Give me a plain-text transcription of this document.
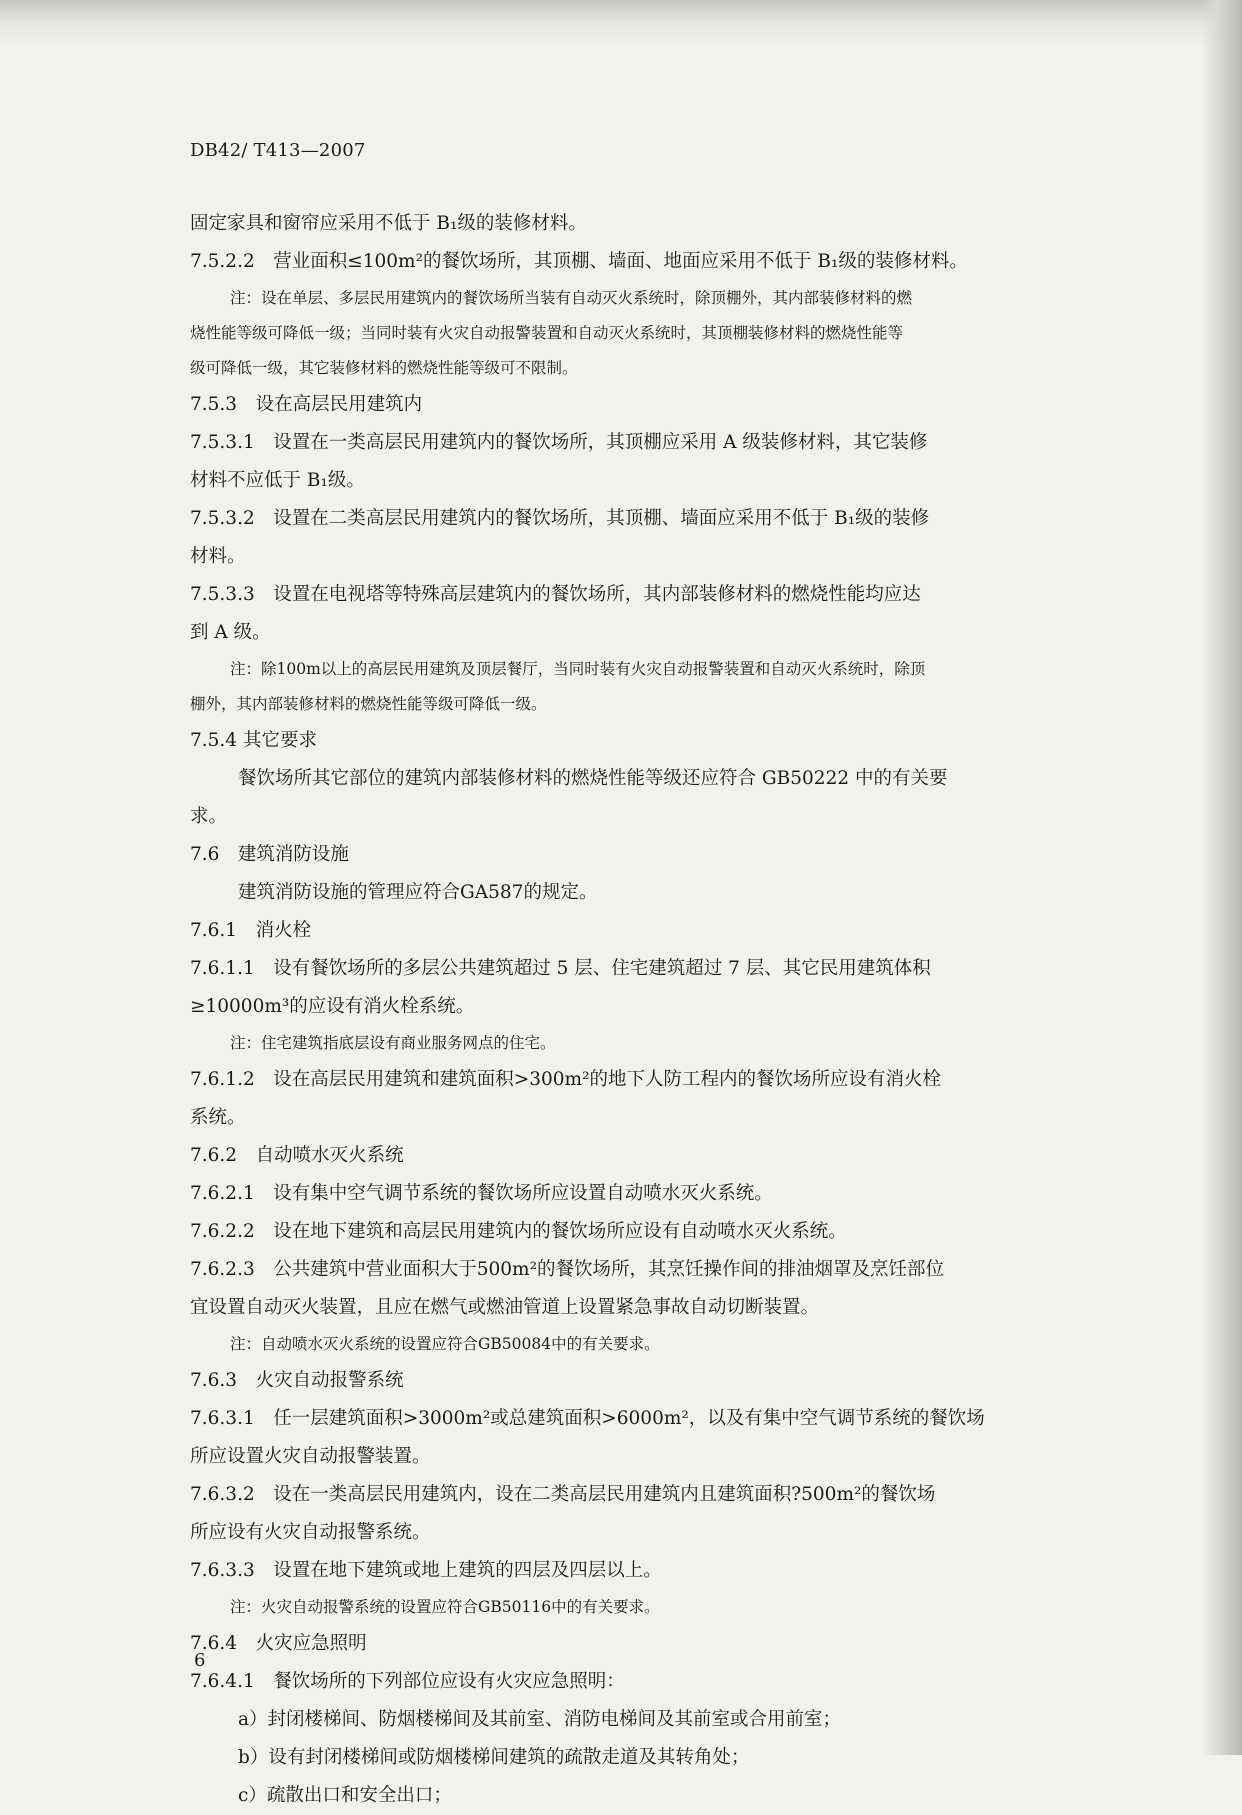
DB42/ T413—2007
固定家具和窗帘应采用不低于 B₁级的装修材料。
7.5.2.2　营业面积≤100m²的餐饮场所，其顶棚、墙面、地面应采用不低于 B₁级的装修材料。
注：设在单层、多层民用建筑内的餐饮场所当装有自动灭火系统时，除顶棚外，其内部装修材料的燃
烧性能等级可降低一级；当同时装有火灾自动报警装置和自动灭火系统时，其顶棚装修材料的燃烧性能等
级可降低一级，其它装修材料的燃烧性能等级可不限制。
7.5.3　设在高层民用建筑内
7.5.3.1　设置在一类高层民用建筑内的餐饮场所，其顶棚应采用 A 级装修材料，其它装修
材料不应低于 B₁级。
7.5.3.2　设置在二类高层民用建筑内的餐饮场所，其顶棚、墙面应采用不低于 B₁级的装修
材料。
7.5.3.3　设置在电视塔等特殊高层建筑内的餐饮场所，其内部装修材料的燃烧性能均应达
到 A 级。
注：除100m以上的高层民用建筑及顶层餐厅，当同时装有火灾自动报警装置和自动灭火系统时，除顶
棚外，其内部装修材料的燃烧性能等级可降低一级。
7.5.4 其它要求
餐饮场所其它部位的建筑内部装修材料的燃烧性能等级还应符合 GB50222 中的有关要
求。
7.6　建筑消防设施
建筑消防设施的管理应符合GA587的规定。
7.6.1　消火栓
7.6.1.1　设有餐饮场所的多层公共建筑超过 5 层、住宅建筑超过 7 层、其它民用建筑体积
≥10000m³的应设有消火栓系统。
注：住宅建筑指底层设有商业服务网点的住宅。
7.6.1.2　设在高层民用建筑和建筑面积>300m²的地下人防工程内的餐饮场所应设有消火栓
系统。
7.6.2　自动喷水灭火系统
7.6.2.1　设有集中空气调节系统的餐饮场所应设置自动喷水灭火系统。
7.6.2.2　设在地下建筑和高层民用建筑内的餐饮场所应设有自动喷水灭火系统。
7.6.2.3　公共建筑中营业面积大于500m²的餐饮场所，其烹饪操作间的排油烟罩及烹饪部位
宜设置自动灭火装置，且应在燃气或燃油管道上设置紧急事故自动切断装置。
注：自动喷水灭火系统的设置应符合GB50084中的有关要求。
7.6.3　火灾自动报警系统
7.6.3.1　任一层建筑面积>3000m²或总建筑面积>6000m²，以及有集中空气调节系统的餐饮场
所应设置火灾自动报警装置。
7.6.3.2　设在一类高层民用建筑内，设在二类高层民用建筑内且建筑面积?500m²的餐饮场
所应设有火灾自动报警系统。
7.6.3.3　设置在地下建筑或地上建筑的四层及四层以上。
注：火灾自动报警系统的设置应符合GB50116中的有关要求。
7.6.4　火灾应急照明
7.6.4.1　餐饮场所的下列部位应设有火灾应急照明：
a）封闭楼梯间、防烟楼梯间及其前室、消防电梯间及其前室或合用前室；
b）设有封闭楼梯间或防烟楼梯间建筑的疏散走道及其转角处；
c）疏散出口和安全出口；
6
